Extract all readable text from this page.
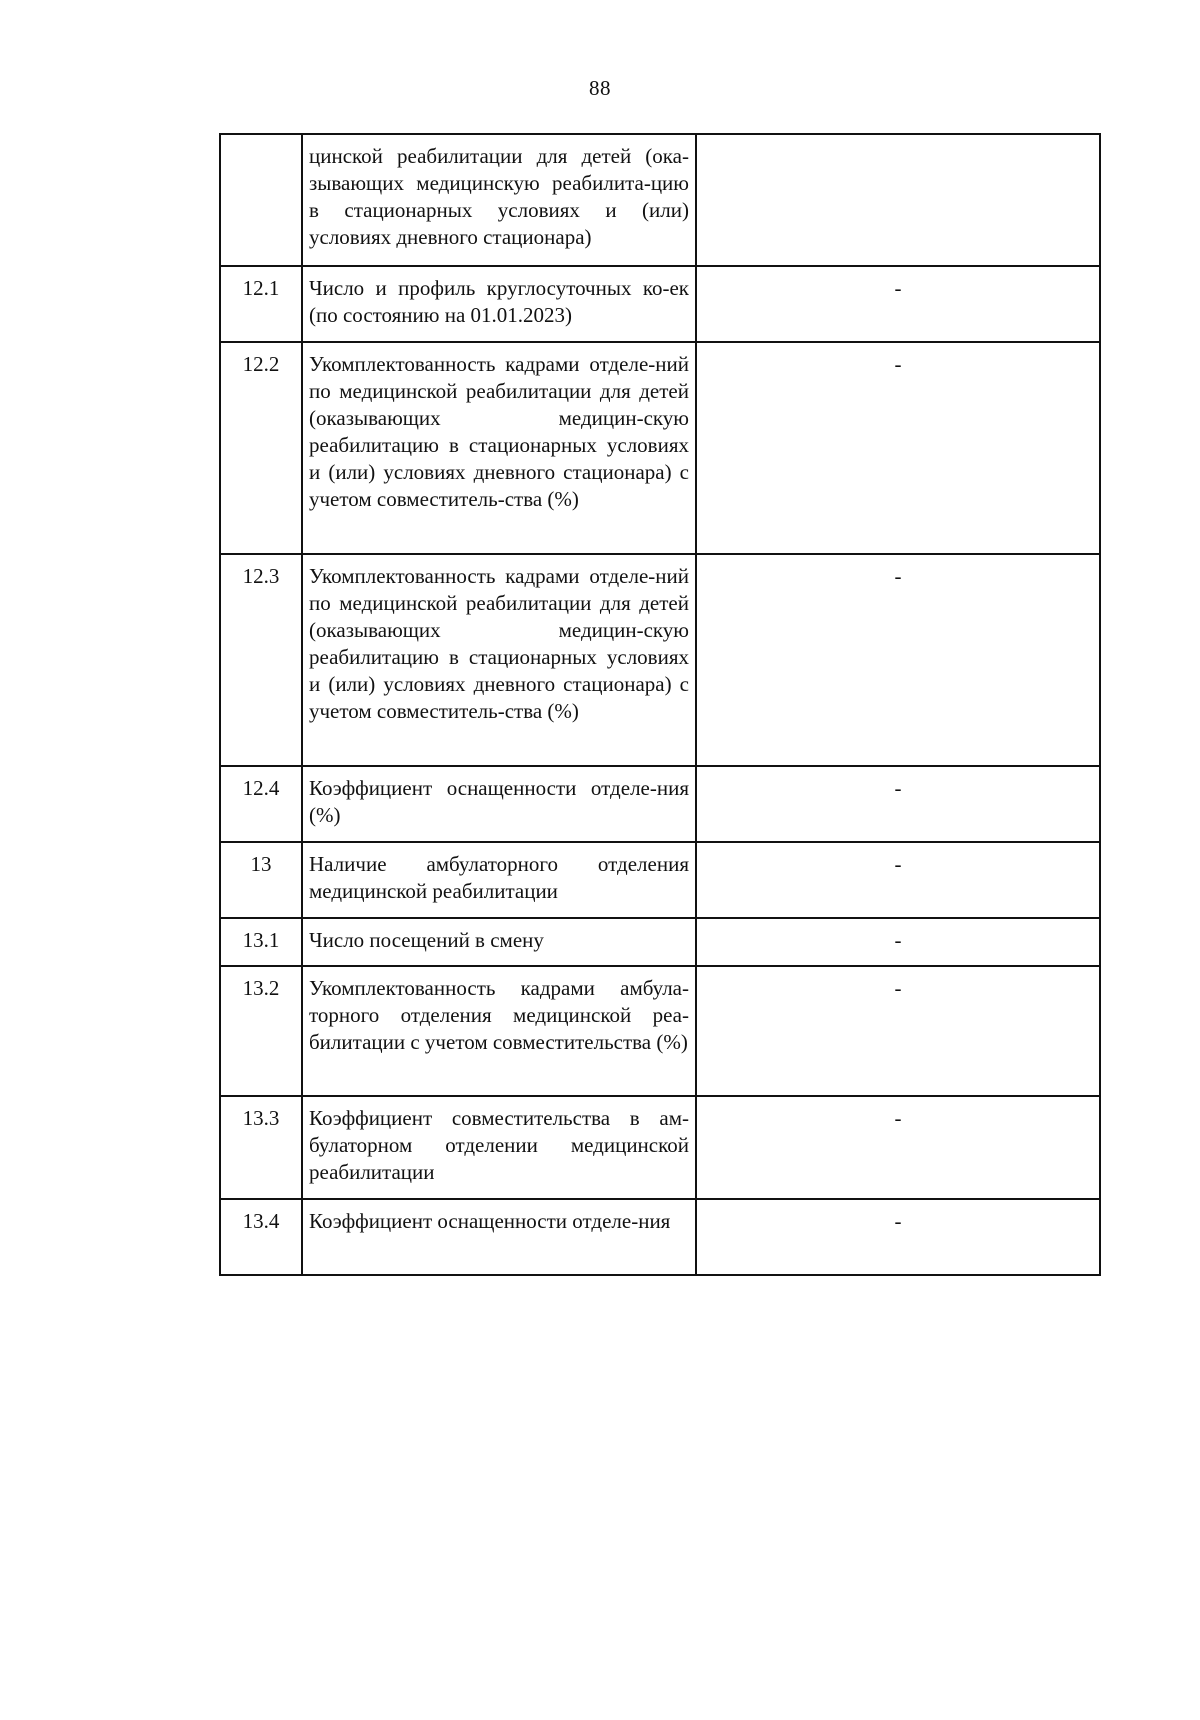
88
	цинской реабилитации для детей (ока-зывающих медицинскую реабилита-цию в стационарных условиях и (или) условиях дневного стационара)	
12.1	Число и профиль круглосуточных ко-ек (по состоянию на 01.01.2023)	-
12.2	Укомплектованность кадрами отделе-ний по медицинской реабилитации для детей (оказывающих медицин-скую реабилитацию в стационарных условиях и (или) условиях дневного стационара) с учетом совместитель-ства (%)	-
12.3	Укомплектованность кадрами отделе-ний по медицинской реабилитации для детей (оказывающих медицин-скую реабилитацию в стационарных условиях и (или) условиях дневного стационара) с учетом совместитель-ства (%)	-
12.4	Коэффициент оснащенности отделе-ния (%)	-
13	Наличие амбулаторного отделения медицинской реабилитации	-
13.1	Число посещений в смену	-
13.2	Укомплектованность кадрами амбула-торного отделения медицинской реа-билитации с учетом совместительства (%)	-
13.3	Коэффициент совместительства в ам-булаторном отделении медицинской реабилитации	-
13.4	Коэффициент оснащенности отделе-ния	-
